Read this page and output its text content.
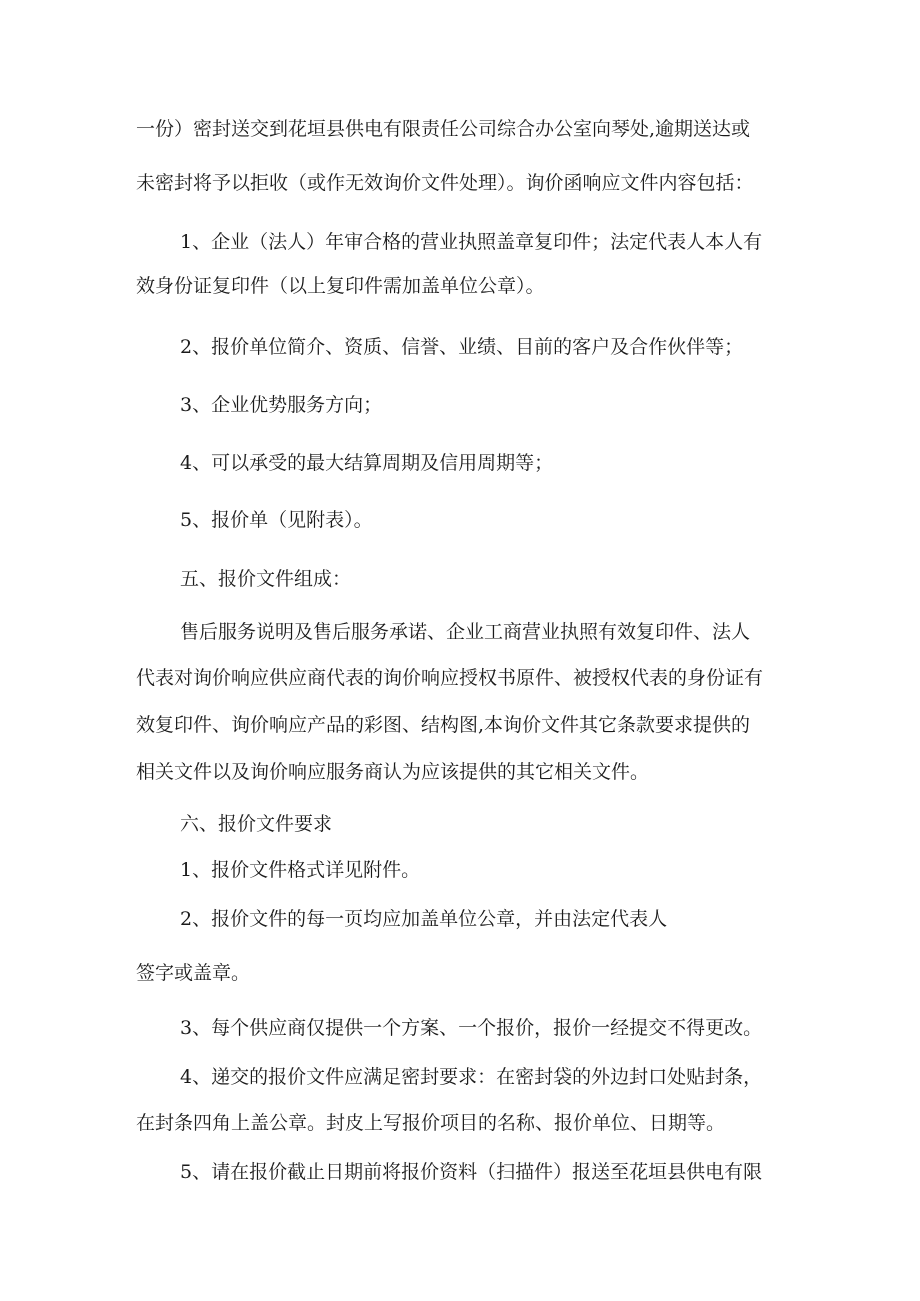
一份）密封送交到花垣县供电有限责任公司综合办公室向琴处,逾期送达或
未密封将予以拒收（或作无效询价文件处理）。询价函响应文件内容包括：
1、企业（法人）年审合格的营业执照盖章复印件；法定代表人本人有
效身份证复印件（以上复印件需加盖单位公章）。
2、报价单位简介、资质、信誉、业绩、目前的客户及合作伙伴等；
3、企业优势服务方向；
4、可以承受的最大结算周期及信用周期等；
5、报价单（见附表）。
五、报价文件组成：
售后服务说明及售后服务承诺、企业工商营业执照有效复印件、法人
代表对询价响应供应商代表的询价响应授权书原件、被授权代表的身份证有
效复印件、询价响应产品的彩图、结构图,本询价文件其它条款要求提供的
相关文件以及询价响应服务商认为应该提供的其它相关文件。
六、报价文件要求
1、报价文件格式详见附件。
2、报价文件的每一页均应加盖单位公章，并由法定代表人
签字或盖章。
3、每个供应商仅提供一个方案、一个报价，报价一经提交不得更改。
4、递交的报价文件应满足密封要求：在密封袋的外边封口处贴封条，
在封条四角上盖公章。封皮上写报价项目的名称、报价单位、日期等。
5、请在报价截止日期前将报价资料（扫描件）报送至花垣县供电有限
